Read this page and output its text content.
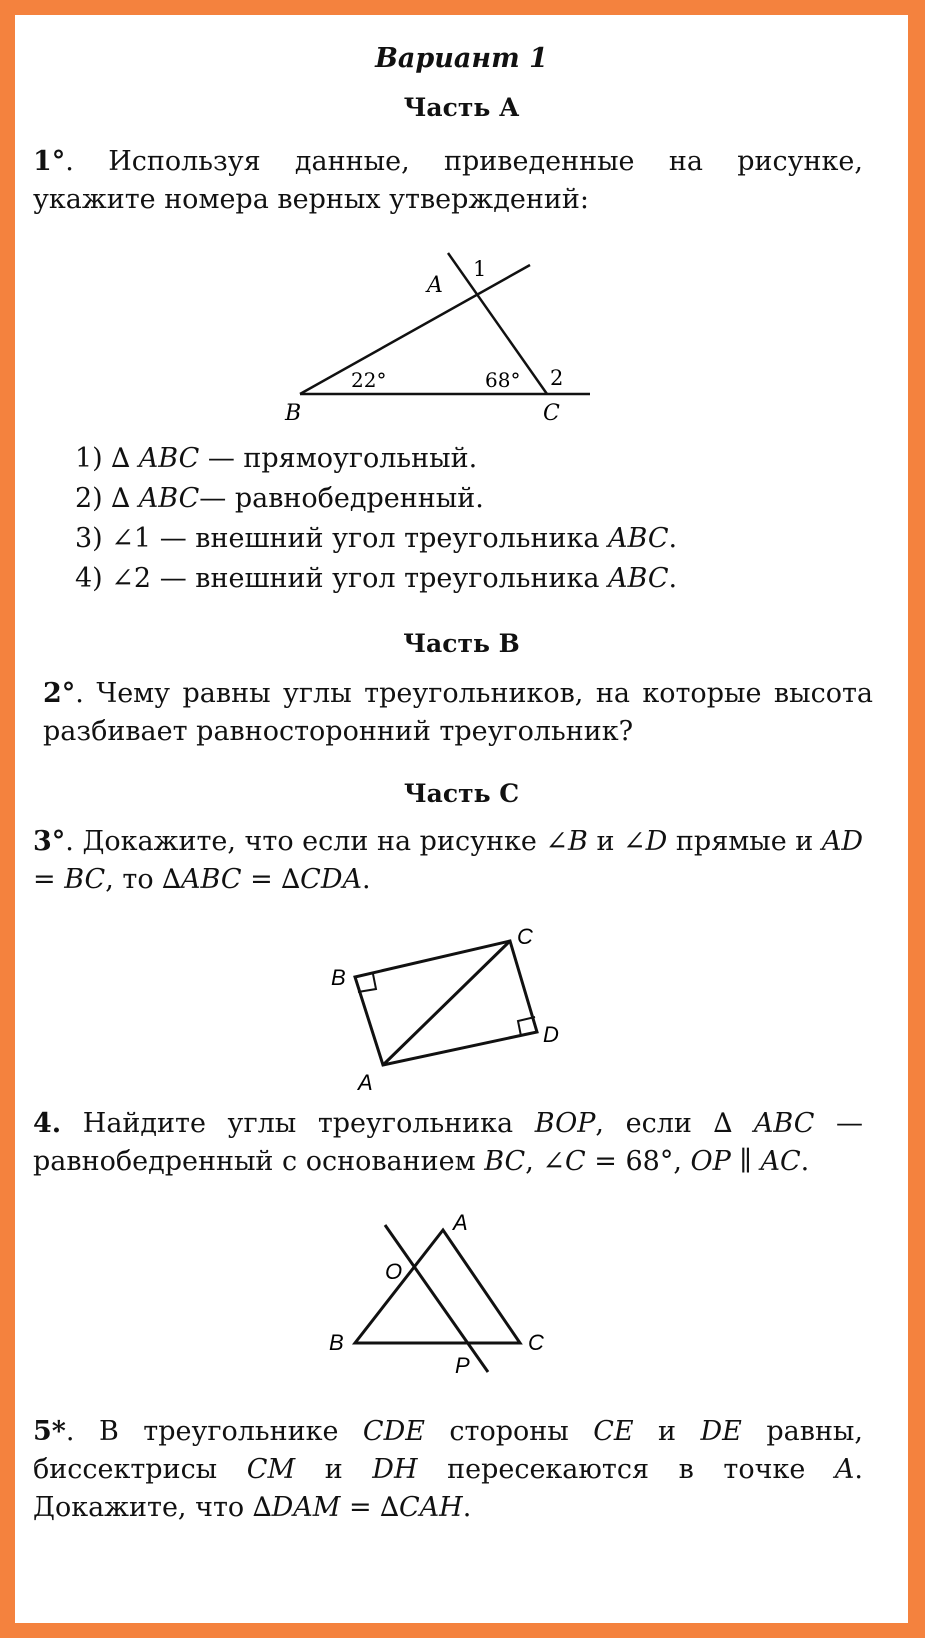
Вариант 1
Часть А
1°. Используя данные, приведенные на рисунке, укажите номера верных утверждений:
A
B	C
1
2
22°	68°
1) ∆ ABC — прямоугольный.
2) ∆ ABC— равнобедренный.
3) ∠1 — внешний угол треугольника ABC.
4) ∠2 — внешний угол треугольника ABC.
Часть В
2°. Чему равны углы треугольников, на которые высота разбивает равносторонний треугольник?
Часть С
3°. Докажите, что если на рисунке ∠B и ∠D прямые и AD = BC, то ∆ABC = ∆CDA.
A
B
C
D
4. Найдите углы треугольника BOP, если ∆ ABC — равнобедренный с основанием BC, ∠C = 68°, OP ∥ AC.
A
B	C
O
P
5*. В треугольнике CDE стороны CE и DE равны, биссектрисы CM и DH пересекаются в точке A. Докажите, что ∆DAM = ∆CAH.
